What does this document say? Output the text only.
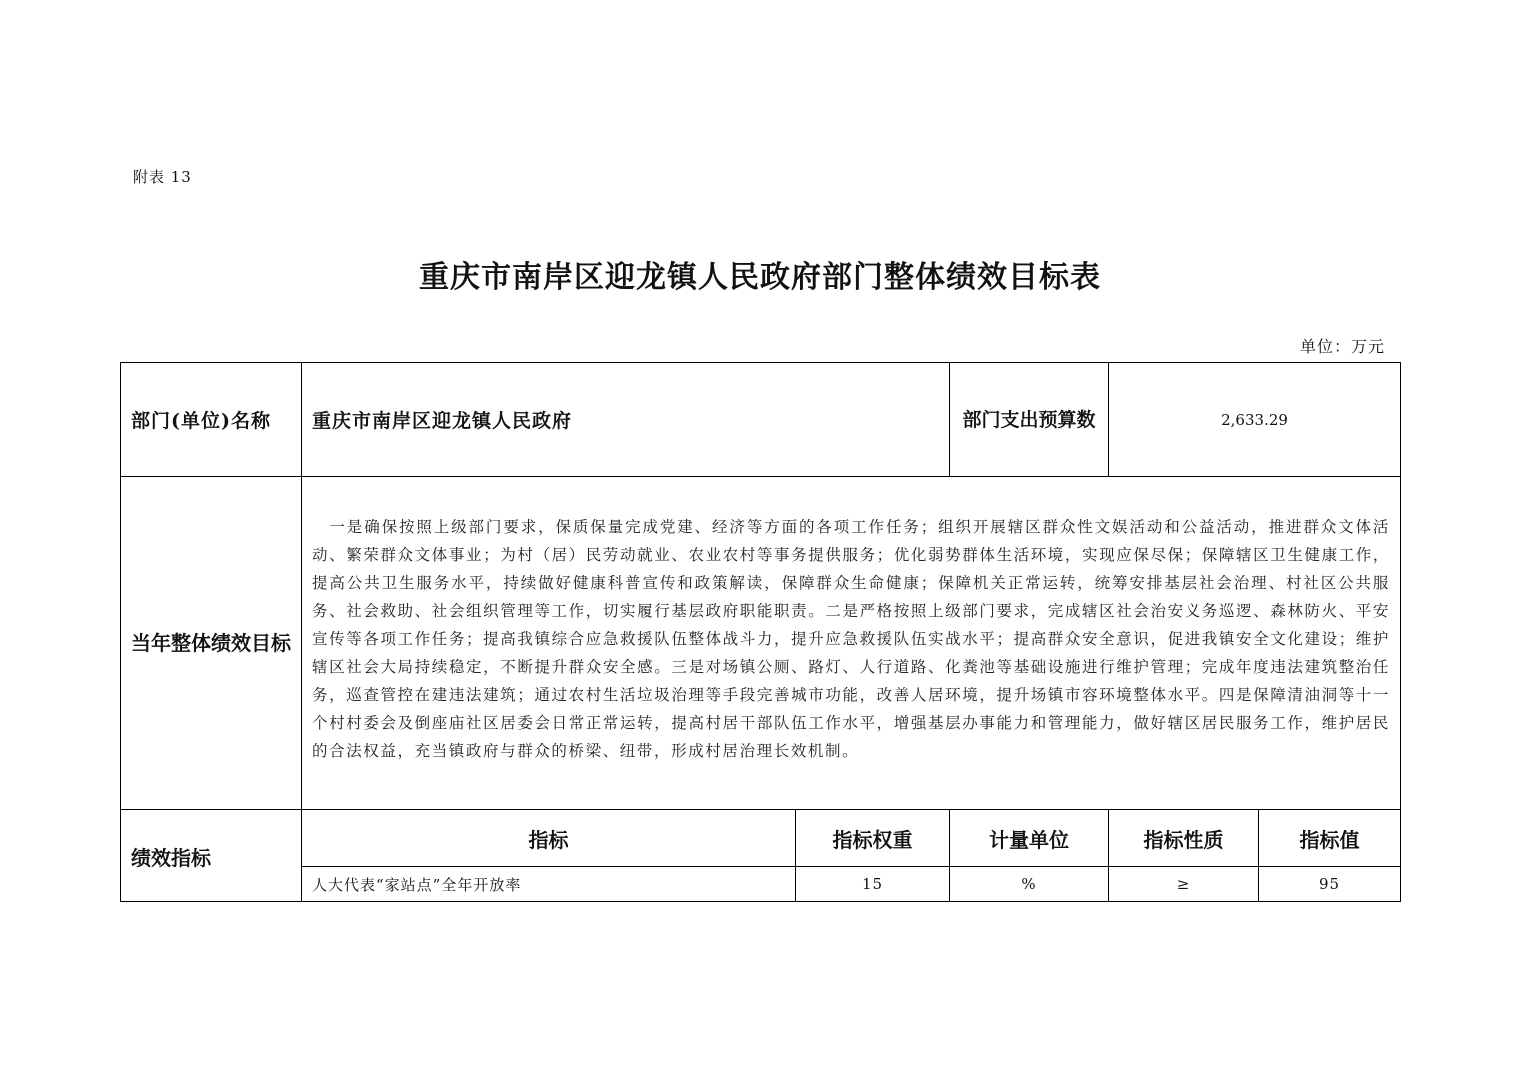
附表 13
重庆市南岸区迎龙镇人民政府部门整体绩效目标表
单位：万元
部门(单位)名称	重庆市南岸区迎龙镇人民政府		部门支出预算数	2,633.29	
当年整体绩效目标	　一是确保按照上级部门要求，保质保量完成党建、经济等方面的各项工作任务；组织开展辖区群众性文娱活动和公益活动，推进群众文体活动、繁荣群众文体事业；为村（居）民劳动就业、农业农村等事务提供服务；优化弱势群体生活环境，实现应保尽保；保障辖区卫生健康工作，提高公共卫生服务水平，持续做好健康科普宣传和政策解读，保障群众生命健康；保障机关正常运转，统筹安排基层社会治理、村社区公共服务、社会救助、社会组织管理等工作，切实履行基层政府职能职责。二是严格按照上级部门要求，完成辖区社会治安义务巡逻、森林防火、平安宣传等各项工作任务；提高我镇综合应急救援队伍整体战斗力，提升应急救援队伍实战水平；提高群众安全意识，促进我镇安全文化建设；维护辖区社会大局持续稳定，不断提升群众安全感。三是对场镇公厕、路灯、人行道路、化粪池等基础设施进行维护管理；完成年度违法建筑整治任务，巡查管控在建违法建筑；通过农村生活垃圾治理等手段完善城市功能，改善人居环境，提升场镇市容环境整体水平。四是保障清油洞等十一个村村委会及倒座庙社区居委会日常正常运转，提高村居干部队伍工作水平，增强基层办事能力和管理能力，做好辖区居民服务工作，维护居民的合法权益，充当镇政府与群众的桥梁、纽带，形成村居治理长效机制。				
绩效指标	指标	指标权重	计量单位	指标性质	指标值
	人大代表“家站点”全年开放率	15	%	≥	95
